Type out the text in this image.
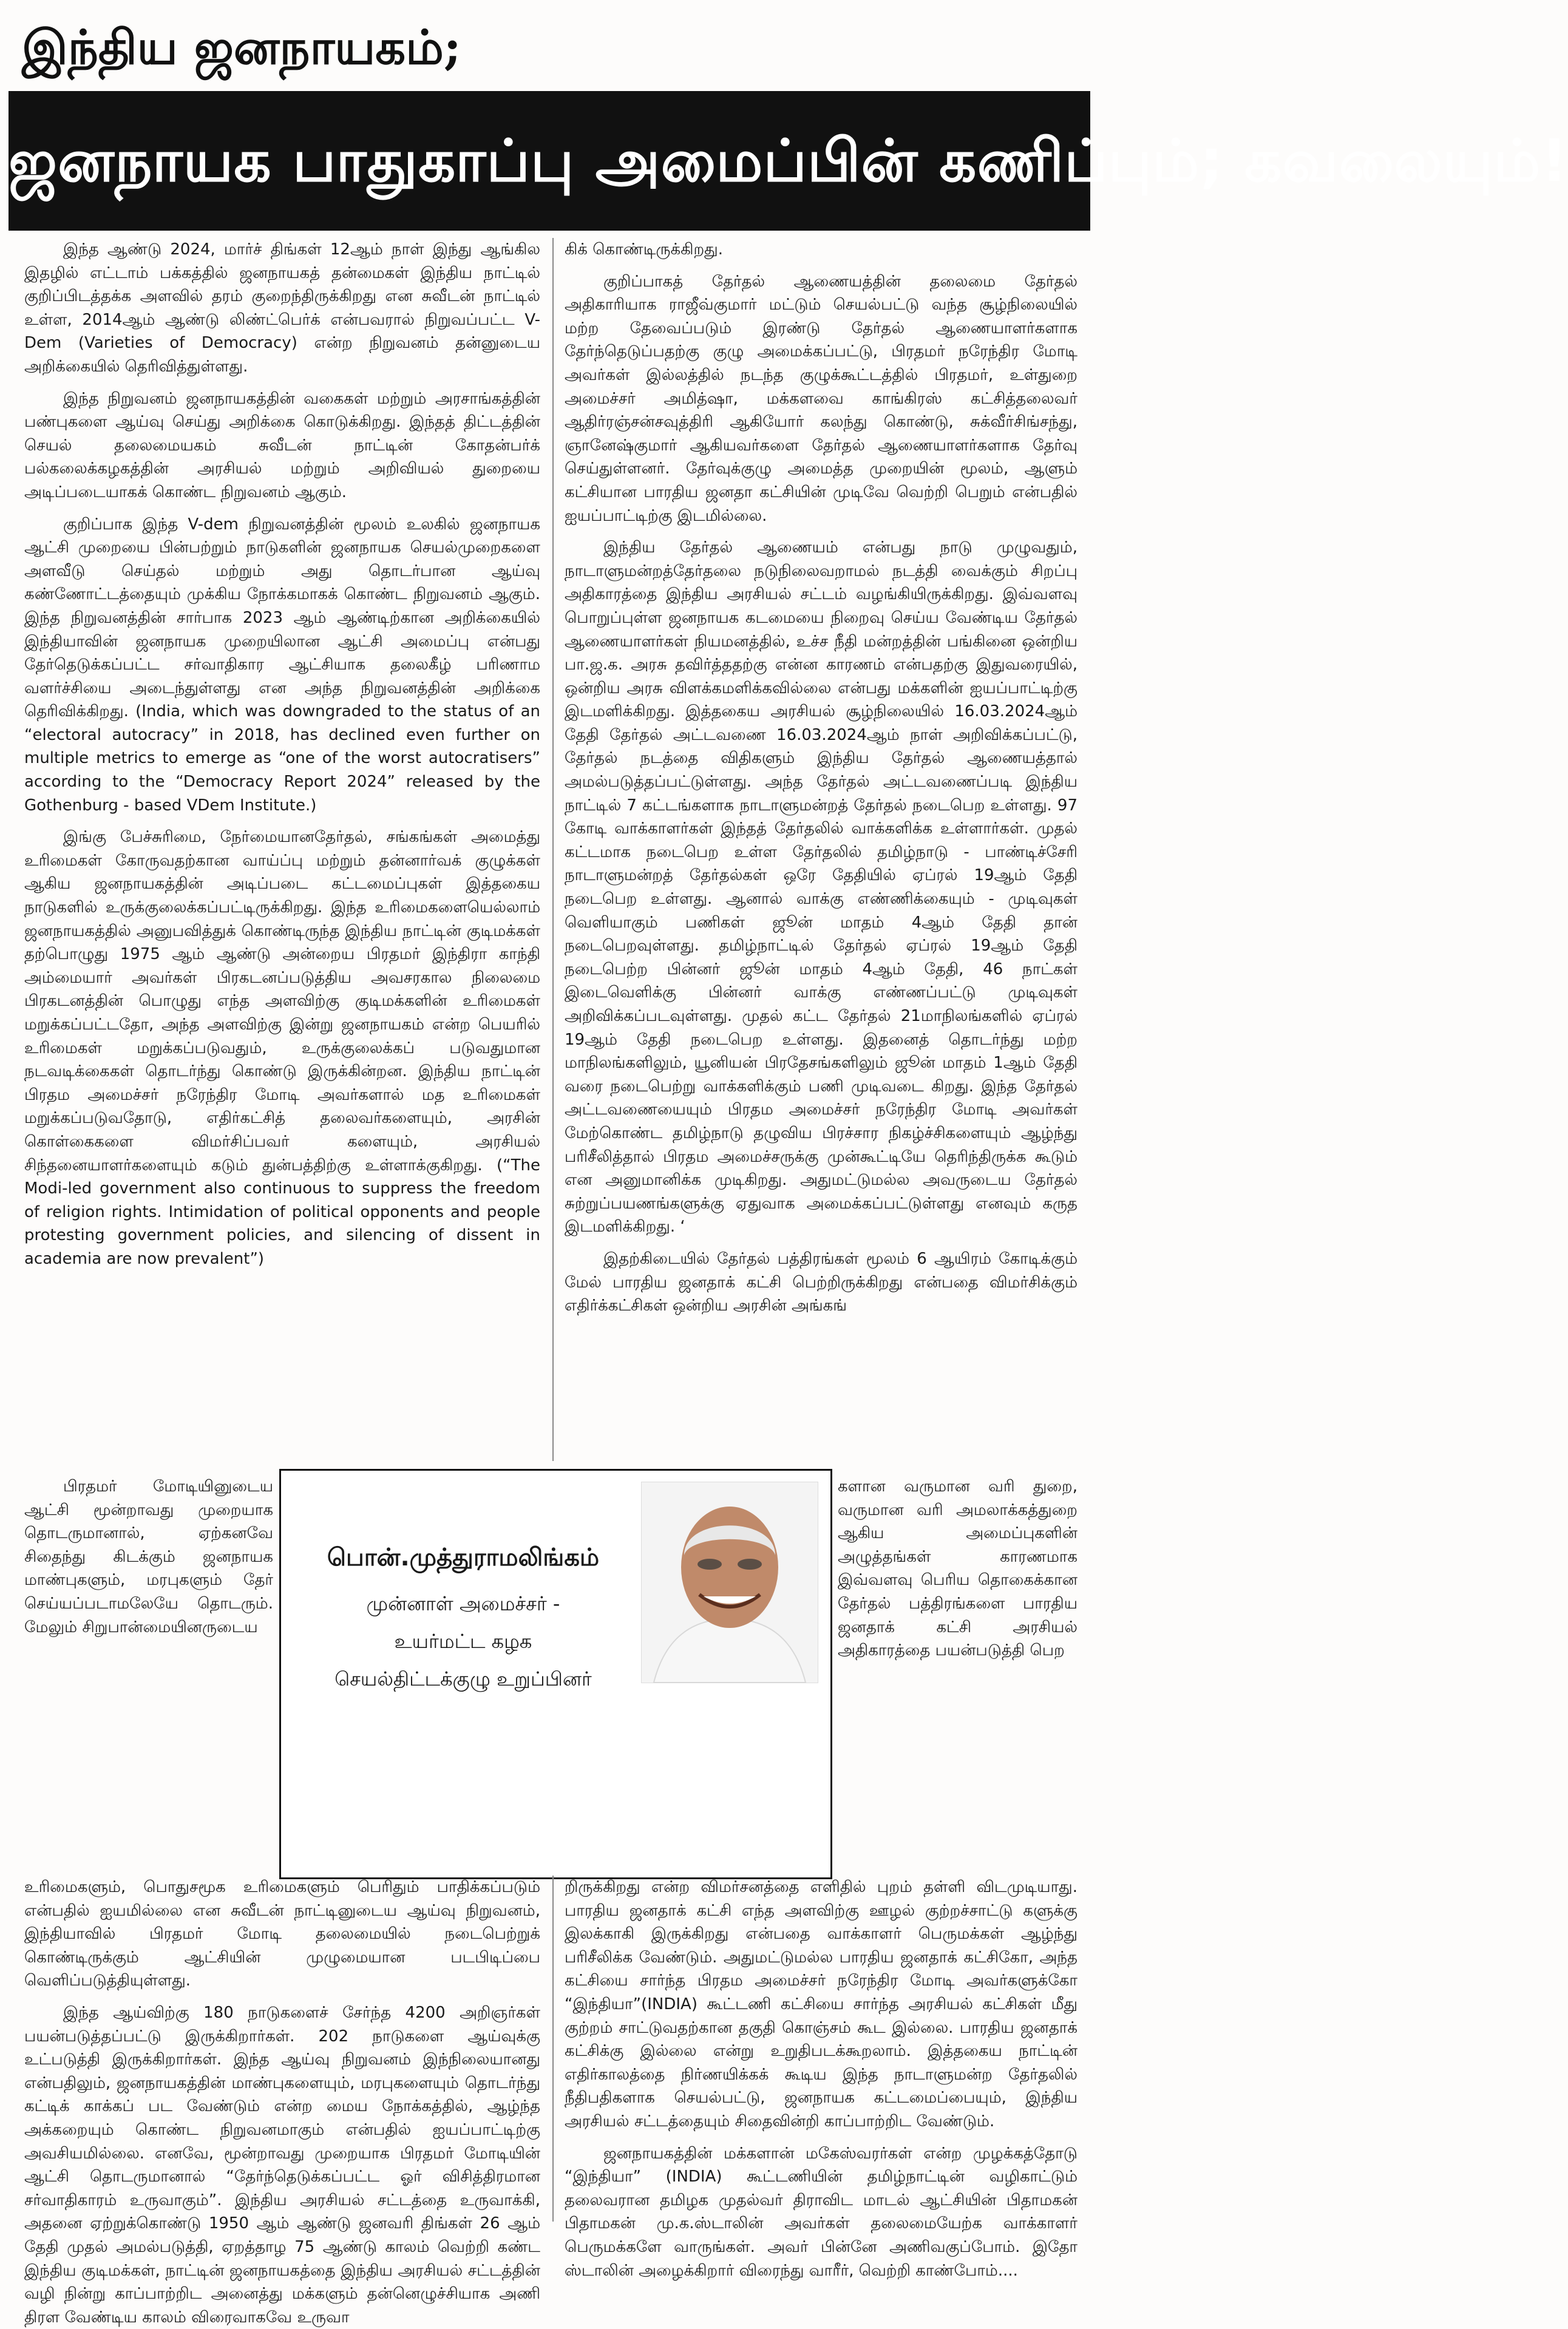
இந்திய ஜனநாயகம்;
ஜனநாயக பாதுகாப்பு அமைப்பின் கணிப்பும்; கவலையும்!

இந்த ஆண்டு 2024, மார்ச் திங்கள் 12ஆம் நாள் இந்து ஆங்கில இதழில் எட்டாம் பக்கத்தில் ஜனநாயகத் தன்மைகள் இந்திய நாட்டில் குறிப்பிடத்தக்க அளவில் தரம் குறைந்திருக்கிறது என சுவீடன் நாட்டில் உள்ள, 2014ஆம் ஆண்டு லிண்ட்பெர்க் என்பவரால் நிறுவப்பட்ட V-Dem (Varieties of Democracy) என்ற நிறுவனம் தன்னுடைய அறிக்கையில் தெரிவித்துள்ளது.

இந்த நிறுவனம் ஜனநாயகத்தின் வகைகள் மற்றும் அரசாங்கத்தின் பண்புகளை ஆய்வு செய்து அறிக்கை கொடுக்கிறது. இந்தத் திட்டத்தின் செயல் தலைமையகம் சுவீடன் நாட்டின் கோதன்பர்க் பல்கலைக்கழகத்தின் அரசியல் மற்றும் அறிவியல் துறையை அடிப்படையாகக் கொண்ட நிறுவனம் ஆகும்.

குறிப்பாக இந்த V-dem நிறுவனத்தின் மூலம் உலகில் ஜனநாயக ஆட்சி முறையை பின்பற்றும் நாடுகளின் ஜனநாயக செயல்முறைகளை அளவீடு செய்தல் மற்றும் அது தொடர்பான ஆய்வு கண்ணோட்டத்தையும் முக்கிய நோக்கமாகக் கொண்ட நிறுவனம் ஆகும். இந்த நிறுவனத்தின் சார்பாக 2023 ஆம் ஆண்டிற்கான அறிக்கையில் இந்தியாவின் ஜனநாயக முறையிலான ஆட்சி அமைப்பு என்பது தேர்தெடுக்கப்பட்ட சர்வாதிகார ஆட்சியாக தலைகீழ் பரிணாம வளர்ச்சியை அடைந்துள்ளது என அந்த நிறுவனத்தின் அறிக்கை தெரிவிக்கிறது. (India, which was downgraded to the status of an “electoral autocracy” in 2018, has declined even further on multiple metrics to emerge as “one of the worst autocratisers” according to the “Democracy Report 2024” released by the Gothenburg - based VDem Institute.)

இங்கு பேச்சுரிமை, நேர்மையானதேர்தல், சங்கங்கள் அமைத்து உரிமைகள் கோருவதற்கான வாய்ப்பு மற்றும் தன்னார்வக் குழுக்கள் ஆகிய ஜனநாயகத்தின் அடிப்படை கட்டமைப்புகள் இத்தகைய நாடுகளில் உருக்குலைக்கப்பட்டிருக்கிறது. இந்த உரிமைகளையெல்லாம் ஜனநாயகத்தில் அனுபவித்துக் கொண்டிருந்த இந்திய நாட்டின் குடிமக்கள் தற்பொழுது 1975 ஆம் ஆண்டு அன்றைய பிரதமர் இந்திரா காந்தி அம்மையார் அவர்கள் பிரகடனப்படுத்திய அவசரகால நிலைமை பிரகடனத்தின் பொழுது எந்த அளவிற்கு குடிமக்களின் உரிமைகள் மறுக்கப்பட்டதோ, அந்த அளவிற்கு இன்று ஜனநாயகம் என்ற பெயரில் உரிமைகள் மறுக்கப்படுவதும், உருக்குலைக்கப் படுவதுமான நடவடிக்கைகள் தொடர்ந்து கொண்டு இருக்கின்றன. இந்திய நாட்டின் பிரதம அமைச்சர் நரேந்திர மோடி அவர்களால் மத உரிமைகள் மறுக்கப்படுவதோடு, எதிர்கட்சித் தலைவர்களையும், அரசின் கொள்கைகளை விமர்சிப்பவர் களையும், அரசியல் சிந்தனையாளர்களையும் கடும் துன்பத்திற்கு உள்ளாக்குகிறது. (“The Modi-led government also continuous to suppress the freedom of religion rights. Intimidation of political opponents and people protesting government policies, and silencing of dissent in academia are now prevalent”)

கிக் கொண்டிருக்கிறது.

குறிப்பாகத் தேர்தல் ஆணையத்தின் தலைமை தேர்தல் அதிகாரியாக ராஜீவ்குமார் மட்டும் செயல்பட்டு வந்த சூழ்நிலையில் மற்ற தேவைப்படும் இரண்டு தேர்தல் ஆணையாளர்களாக தேர்ந்தெடுப்பதற்கு குழு அமைக்கப்பட்டு, பிரதமர் நரேந்திர மோடி அவர்கள் இல்லத்தில் நடந்த குழுக்கூட்டத்தில் பிரதமர், உள்துறை அமைச்சர் அமித்ஷா, மக்களவை காங்கிரஸ் கட்சித்தலைவர் ஆதிர்ரஞ்சன்சவுத்திரி ஆகியோர் கலந்து கொண்டு, சுக்வீர்சிங்சந்து, ஞானேஷ்குமார் ஆகியவர்களை தேர்தல் ஆணையாளர்களாக தேர்வு செய்துள்ளனர். தேர்வுக்குழு அமைத்த முறையின் மூலம், ஆளும் கட்சியான பாரதிய ஜனதா கட்சியின் முடிவே வெற்றி பெறும் என்பதில் ஐயப்பாட்டிற்கு இடமில்லை.

இந்திய தேர்தல் ஆணையம் என்பது நாடு முழுவதும், நாடாளுமன்றத்தேர்தலை நடுநிலைவறாமல் நடத்தி வைக்கும் சிறப்பு அதிகாரத்தை இந்திய அரசியல் சட்டம் வழங்கியிருக்கிறது. இவ்வளவு பொறுப்புள்ள ஜனநாயக கடமையை நிறைவு செய்ய வேண்டிய தேர்தல் ஆணையாளர்கள் நியமனத்தில், உச்ச நீதி மன்றத்தின் பங்கினை ஒன்றிய பா.ஜ.க. அரசு தவிர்த்ததற்கு என்ன காரணம் என்பதற்கு இதுவரையில், ஒன்றிய அரசு விளக்கமளிக்கவில்லை என்பது மக்களின் ஐயப்பாட்டிற்கு இடமளிக்கிறது. இத்தகைய அரசியல் சூழ்நிலையில் 16.03.2024ஆம் தேதி தேர்தல் அட்டவணை 16.03.2024ஆம் நாள் அறிவிக்கப்பட்டு, தேர்தல் நடத்தை விதிகளும் இந்திய தேர்தல் ஆணையத்தால் அமல்படுத்தப்பட்டுள்ளது. அந்த தேர்தல் அட்டவணைப்படி இந்திய நாட்டில் 7 கட்டங்களாக நாடாளுமன்றத் தேர்தல் நடைபெற உள்ளது. 97 கோடி வாக்காளர்கள் இந்தத் தேர்தலில் வாக்களிக்க உள்ளார்கள். முதல் கட்டமாக நடைபெற உள்ள தேர்தலில் தமிழ்நாடு - பாண்டிச்சேரி நாடாளுமன்றத் தேர்தல்கள் ஒரே தேதியில் ஏப்ரல் 19ஆம் தேதி நடைபெற உள்ளது. ஆனால் வாக்கு எண்ணிக்கையும் - முடிவுகள் வெளியாகும் பணிகள் ஜூன் மாதம் 4ஆம் தேதி தான் நடைபெறவுள்ளது. தமிழ்நாட்டில் தேர்தல் ஏப்ரல் 19ஆம் தேதி நடைபெற்ற பின்னர் ஜூன் மாதம் 4ஆம் தேதி, 46 நாட்கள் இடைவெளிக்கு பின்னர் வாக்கு எண்ணப்பட்டு முடிவுகள் அறிவிக்கப்படவுள்ளது. முதல் கட்ட தேர்தல் 21மாநிலங்களில் ஏப்ரல் 19ஆம் தேதி நடைபெற உள்ளது. இதனைத் தொடர்ந்து மற்ற மாநிலங்களிலும், யூனியன் பிரதேசங்களிலும் ஜூன் மாதம் 1ஆம் தேதி வரை நடைபெற்று வாக்களிக்கும் பணி முடிவடை கிறது. இந்த தேர்தல் அட்டவணையையும் பிரதம அமைச்சர் நரேந்திர மோடி அவர்கள் மேற்கொண்ட தமிழ்நாடு தழுவிய பிரச்சார நிகழ்ச்சிகளையும் ஆழ்ந்து பரிசீலித்தால் பிரதம அமைச்சருக்கு முன்கூட்டியே தெரிந்திருக்க கூடும் என அனுமானிக்க முடிகிறது. அதுமட்டுமல்ல அவருடைய தேர்தல் சுற்றுப்பயணங்களுக்கு ஏதுவாக அமைக்கப்பட்டுள்ளது எனவும் கருத இடமளிக்கிறது. ‘

இதற்கிடையில் தேர்தல் பத்திரங்கள் மூலம் 6 ஆயிரம் கோடிக்கும் மேல் பாரதிய ஜனதாக் கட்சி பெற்றிருக்கிறது என்பதை விமர்சிக்கும் எதிர்க்கட்சிகள் ஒன்றிய அரசின் அங்கங்

பிரதமர் மோடியினுடைய ஆட்சி மூன்றாவது முறையாக தொடருமானால், ஏற்கனவே சிதைந்து கிடக்கும் ஜனநாயக மாண்புகளும், மரபுகளும் தேர் செய்யப்படாமலேயே தொடரும். மேலும் சிறுபான்மையினருடைய

பொன்.முத்துராமலிங்கம்
முன்னாள் அமைச்சர் -
உயர்மட்ட கழக
செயல்திட்டக்குழு உறுப்பினர்

களான வருமான வரி துறை, வருமான வரி அமலாக்கத்துறை ஆகிய அமைப்புகளின் அழுத்தங்கள் காரணமாக இவ்வளவு பெரிய தொகைக்கான தேர்தல் பத்திரங்களை பாரதிய ஜனதாக் கட்சி அரசியல் அதிகாரத்தை பயன்படுத்தி பெற

உரிமைகளும், பொதுசமூக உரிமைகளும் பெரிதும் பாதிக்கப்படும் என்பதில் ஐயமில்லை என சுவீடன் நாட்டினுடைய ஆய்வு நிறுவனம், இந்தியாவில் பிரதமர் மோடி தலைமையில் நடைபெற்றுக் கொண்டிருக்கும் ஆட்சியின் முழுமையான படபிடிப்பை வெளிப்படுத்தியுள்ளது.

இந்த ஆய்விற்கு 180 நாடுகளைச் சேர்ந்த 4200 அறிஞர்கள் பயன்படுத்தப்பட்டு இருக்கிறார்கள். 202 நாடுகளை ஆய்வுக்கு உட்படுத்தி இருக்கிறார்கள். இந்த ஆய்வு நிறுவனம் இந்நிலையானது என்பதிலும், ஜனநாயகத்தின் மாண்புகளையும், மரபுகளையும் தொடர்ந்து கட்டிக் காக்கப் பட வேண்டும் என்ற மைய நோக்கத்தில், ஆழ்ந்த அக்கறையும் கொண்ட நிறுவனமாகும் என்பதில் ஐயப்பாட்டிற்கு அவசியமில்லை. எனவே, மூன்றாவது முறையாக பிரதமர் மோடியின் ஆட்சி தொடருமானால் “தேர்ந்தெடுக்கப்பட்ட ஓர் விசித்திரமான சர்வாதிகாரம் உருவாகும்”. இந்திய அரசியல் சட்டத்தை உருவாக்கி, அதனை ஏற்றுக்கொண்டு 1950 ஆம் ஆண்டு ஜனவரி திங்கள் 26 ஆம் தேதி முதல் அமல்படுத்தி, ஏறத்தாழ 75 ஆண்டு காலம் வெற்றி கண்ட இந்திய குடிமக்கள், நாட்டின் ஜனநாயகத்தை இந்திய அரசியல் சட்டத்தின் வழி நின்று காப்பாற்றிட அனைத்து மக்களும் தன்னெழுச்சியாக அணி திரள வேண்டிய காலம் விரைவாகவே உருவா

றிருக்கிறது என்ற விமர்சனத்தை எளிதில் புறம் தள்ளி விடமுடியாது. பாரதிய ஜனதாக் கட்சி எந்த அளவிற்கு ஊழல் குற்றச்சாட்டு களுக்கு இலக்காகி இருக்கிறது என்பதை வாக்காளர் பெருமக்கள் ஆழ்ந்து பரிசீலிக்க வேண்டும். அதுமட்டுமல்ல பாரதிய ஜனதாக் கட்சிகோ, அந்த கட்சியை சார்ந்த பிரதம அமைச்சர் நரேந்திர மோடி அவர்களுக்கோ “இந்தியா”(INDIA) கூட்டணி கட்சியை சார்ந்த அரசியல் கட்சிகள் மீது குற்றம் சாட்டுவதற்கான தகுதி கொஞ்சம் கூட இல்லை. பாரதிய ஜனதாக் கட்சிக்கு இல்லை என்று உறுதிபடக்கூறலாம். இத்தகைய நாட்டின் எதிர்காலத்தை நிர்ணயிக்கக் கூடிய இந்த நாடாளுமன்ற தேர்தலில் நீதிபதிகளாக செயல்பட்டு, ஜனநாயக கட்டமைப்பையும், இந்திய அரசியல் சட்டத்தையும் சிதைவின்றி காப்பாற்றிட வேண்டும்.

ஜனநாயகத்தின் மக்களான் மகேஸ்வரர்கள் என்ற முழக்கத்தோடு “இந்தியா” (INDIA) கூட்டணியின் தமிழ்நாட்டின் வழிகாட்டும் தலைவரான தமிழக முதல்வர் திராவிட மாடல் ஆட்சியின் பிதாமகன் பிதாமகன் மு.க.ஸ்டாலின் அவர்கள் தலைமையேற்க வாக்காளர் பெருமக்களே வாருங்கள். அவர் பின்னே அணிவகுப்போம். இதோ ஸ்டாலின் அழைக்கிறார் விரைந்து வாரீர், வெற்றி காண்போம்....
